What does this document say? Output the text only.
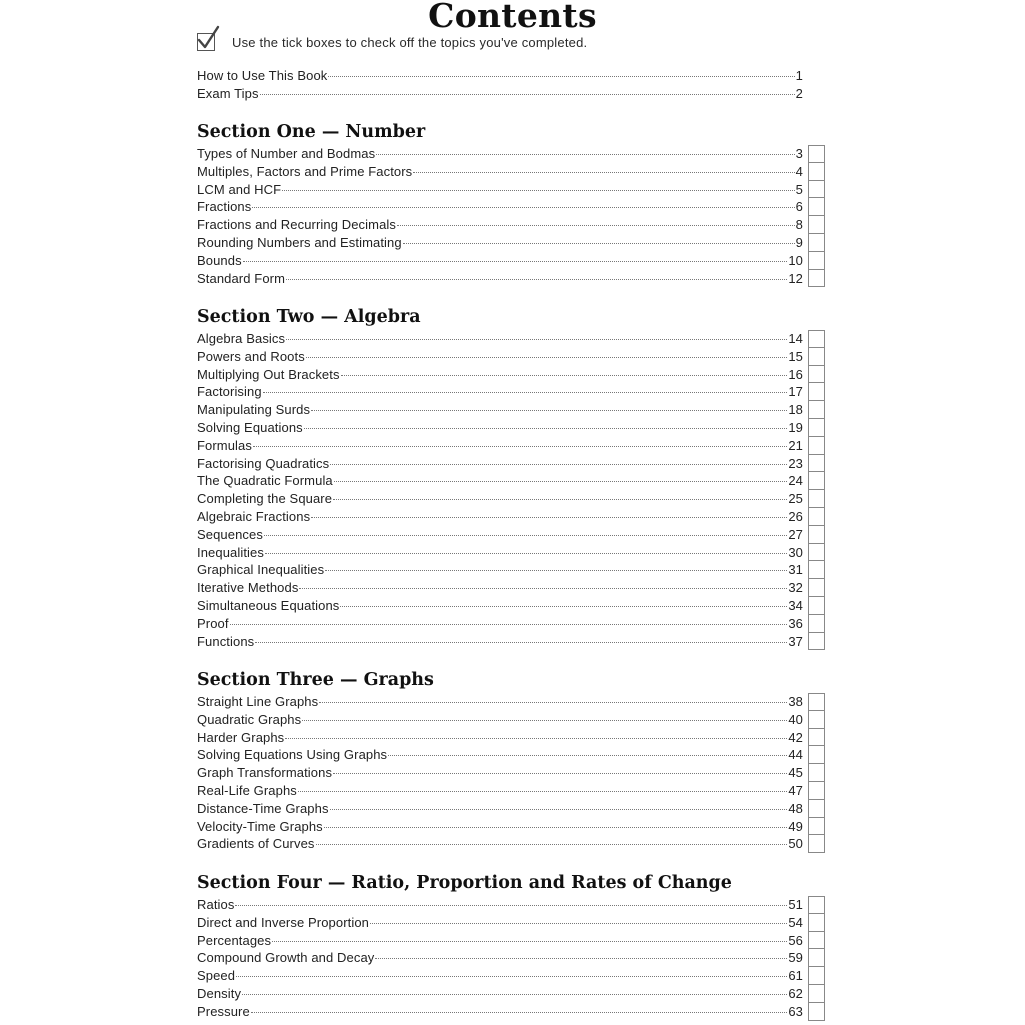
Contents
Use the tick boxes to check off the topics you've completed.
How to Use This Book	1
Exam Tips	2
Section One — Number
Types of Number and Bodmas	3
Multiples, Factors and Prime Factors	4
LCM and HCF	5
Fractions	6
Fractions and Recurring Decimals	8
Rounding Numbers and Estimating	9
Bounds	10
Standard Form	12
Section Two — Algebra
Algebra Basics	14
Powers and Roots	15
Multiplying Out Brackets	16
Factorising	17
Manipulating Surds	18
Solving Equations	19
Formulas	21
Factorising Quadratics	23
The Quadratic Formula	24
Completing the Square	25
Algebraic Fractions	26
Sequences	27
Inequalities	30
Graphical Inequalities	31
Iterative Methods	32
Simultaneous Equations	34
Proof	36
Functions	37
Section Three — Graphs
Straight Line Graphs	38
Quadratic Graphs	40
Harder Graphs	42
Solving Equations Using Graphs	44
Graph Transformations	45
Real-Life Graphs	47
Distance-Time Graphs	48
Velocity-Time Graphs	49
Gradients of Curves	50
Section Four — Ratio, Proportion and Rates of Change
Ratios	51
Direct and Inverse Proportion	54
Percentages	56
Compound Growth and Decay	59
Speed	61
Density	62
Pressure	63
